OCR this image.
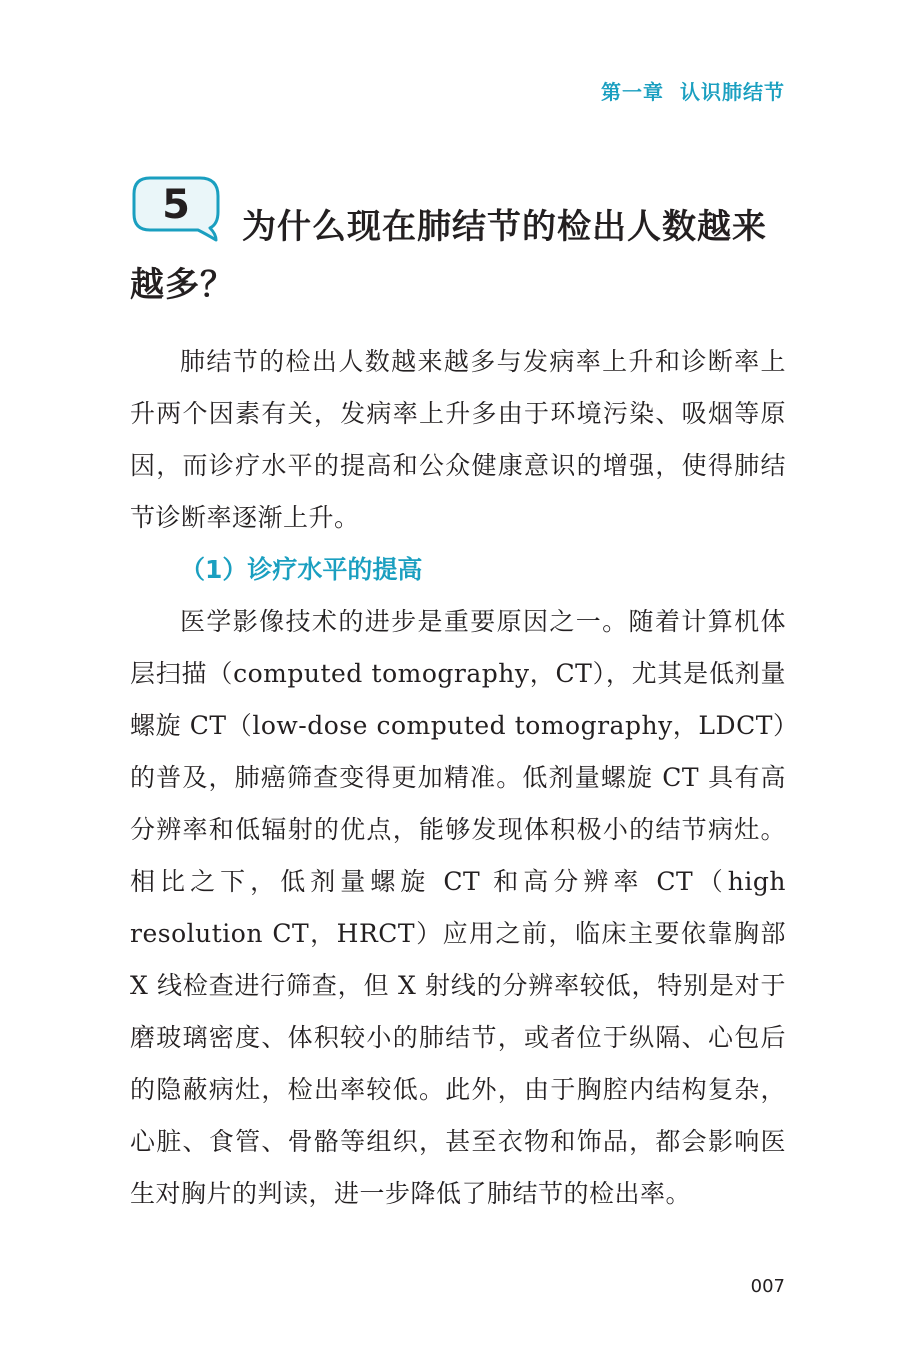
第一章 认识肺结节
5	为什么现在肺结节的检出人数越来越多？

肺结节的检出人数越来越多与发病率上升和诊断率上升两个因素有关，发病率上升多由于环境污染、吸烟等原因，而诊疗水平的提高和公众健康意识的增强，使得肺结节诊断率逐渐上升。

（1）诊疗水平的提高

医学影像技术的进步是重要原因之一。随着计算机体层扫描（computed tomography，CT），尤其是低剂量螺旋 CT（low-dose computed tomography，LDCT）的普及，肺癌筛查变得更加精准。低剂量螺旋 CT 具有高分辨率和低辐射的优点，能够发现体积极小的结节病灶。相比之下，低剂量螺旋 CT 和高分辨率 CT（high resolution CT，HRCT）应用之前，临床主要依靠胸部 X 线检查进行筛查，但 X 射线的分辨率较低，特别是对于磨玻璃密度、体积较小的肺结节，或者位于纵隔、心包后的隐蔽病灶，检出率较低。此外，由于胸腔内结构复杂，心脏、食管、骨骼等组织，甚至衣物和饰品，都会影响医生对胸片的判读，进一步降低了肺结节的检出率。

007
